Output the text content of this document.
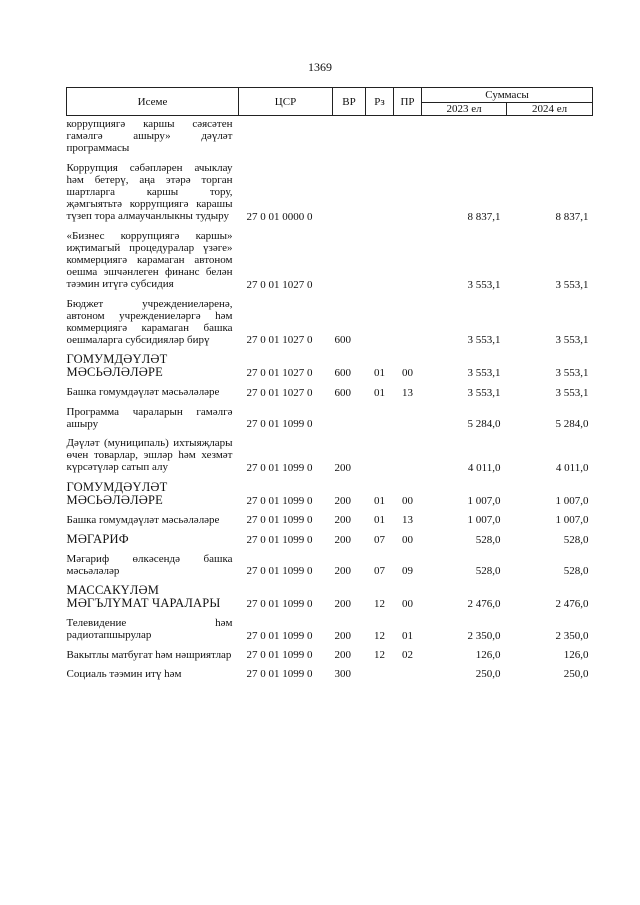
1369
Исеме	ЦСР	ВР	Рз	ПР	Суммасы	
					2023 ел	2024 ел
коррупциягә каршы сәясәтен гамәлгә ашыру» дәүләт программасы						
Коррупция сәбәпләрен ачыклау һәм бетерү, аңа этәрә торган шартларга каршы тору, җәмгыятьтә коррупциягә карашы түзеп тора алмаучанлыкны тудыру	27 0 01 0000 0				8 837,1	8 837,1
«Бизнес коррупциягә каршы» иҗтимагый процедуралар үзәге» коммерциягә карамаган автоном оешма эшчәнлеген финанс белән тәэмин итүгә субсидия	27 0 01 1027 0				3 553,1	3 553,1
Бюджет учреждениеләренә, автоном учреждениеләргә һәм коммерциягә карамаган башка оешмаларга субсидияләр бирү	27 0 01 1027 0	600			3 553,1	3 553,1
ГОМУМДӘҮЛӘТ МӘСЬӘЛӘЛӘРЕ	27 0 01 1027 0	600	01	00	3 553,1	3 553,1
Башка гомумдәүләт мәсьәләләре	27 0 01 1027 0	600	01	13	3 553,1	3 553,1
Программа чараларын гамәлгә ашыру	27 0 01 1099 0				5 284,0	5 284,0
Дәүләт (муниципаль) ихтыяҗлары өчен товарлар, эшләр һәм хезмәт күрсәтүләр сатып алу	27 0 01 1099 0	200			4 011,0	4 011,0
ГОМУМДӘҮЛӘТ МӘСЬӘЛӘЛӘРЕ	27 0 01 1099 0	200	01	00	1 007,0	1 007,0
Башка гомумдәүләт мәсьәләләре	27 0 01 1099 0	200	01	13	1 007,0	1 007,0
МӘГАРИФ	27 0 01 1099 0	200	07	00	528,0	528,0
Мәгариф өлкәсендә башка мәсьәләләр	27 0 01 1099 0	200	07	09	528,0	528,0
МАССАКҮЛӘМ МӘГЪЛҮМАТ ЧАРАЛАРЫ	27 0 01 1099 0	200	12	00	2 476,0	2 476,0
Телевидение һәм радиотапшырулар	27 0 01 1099 0	200	12	01	2 350,0	2 350,0
Вакытлы матбугат һәм нәшриятлар	27 0 01 1099 0	200	12	02	126,0	126,0
Социаль тәэмин итү һәм	27 0 01 1099 0	300			250,0	250,0
